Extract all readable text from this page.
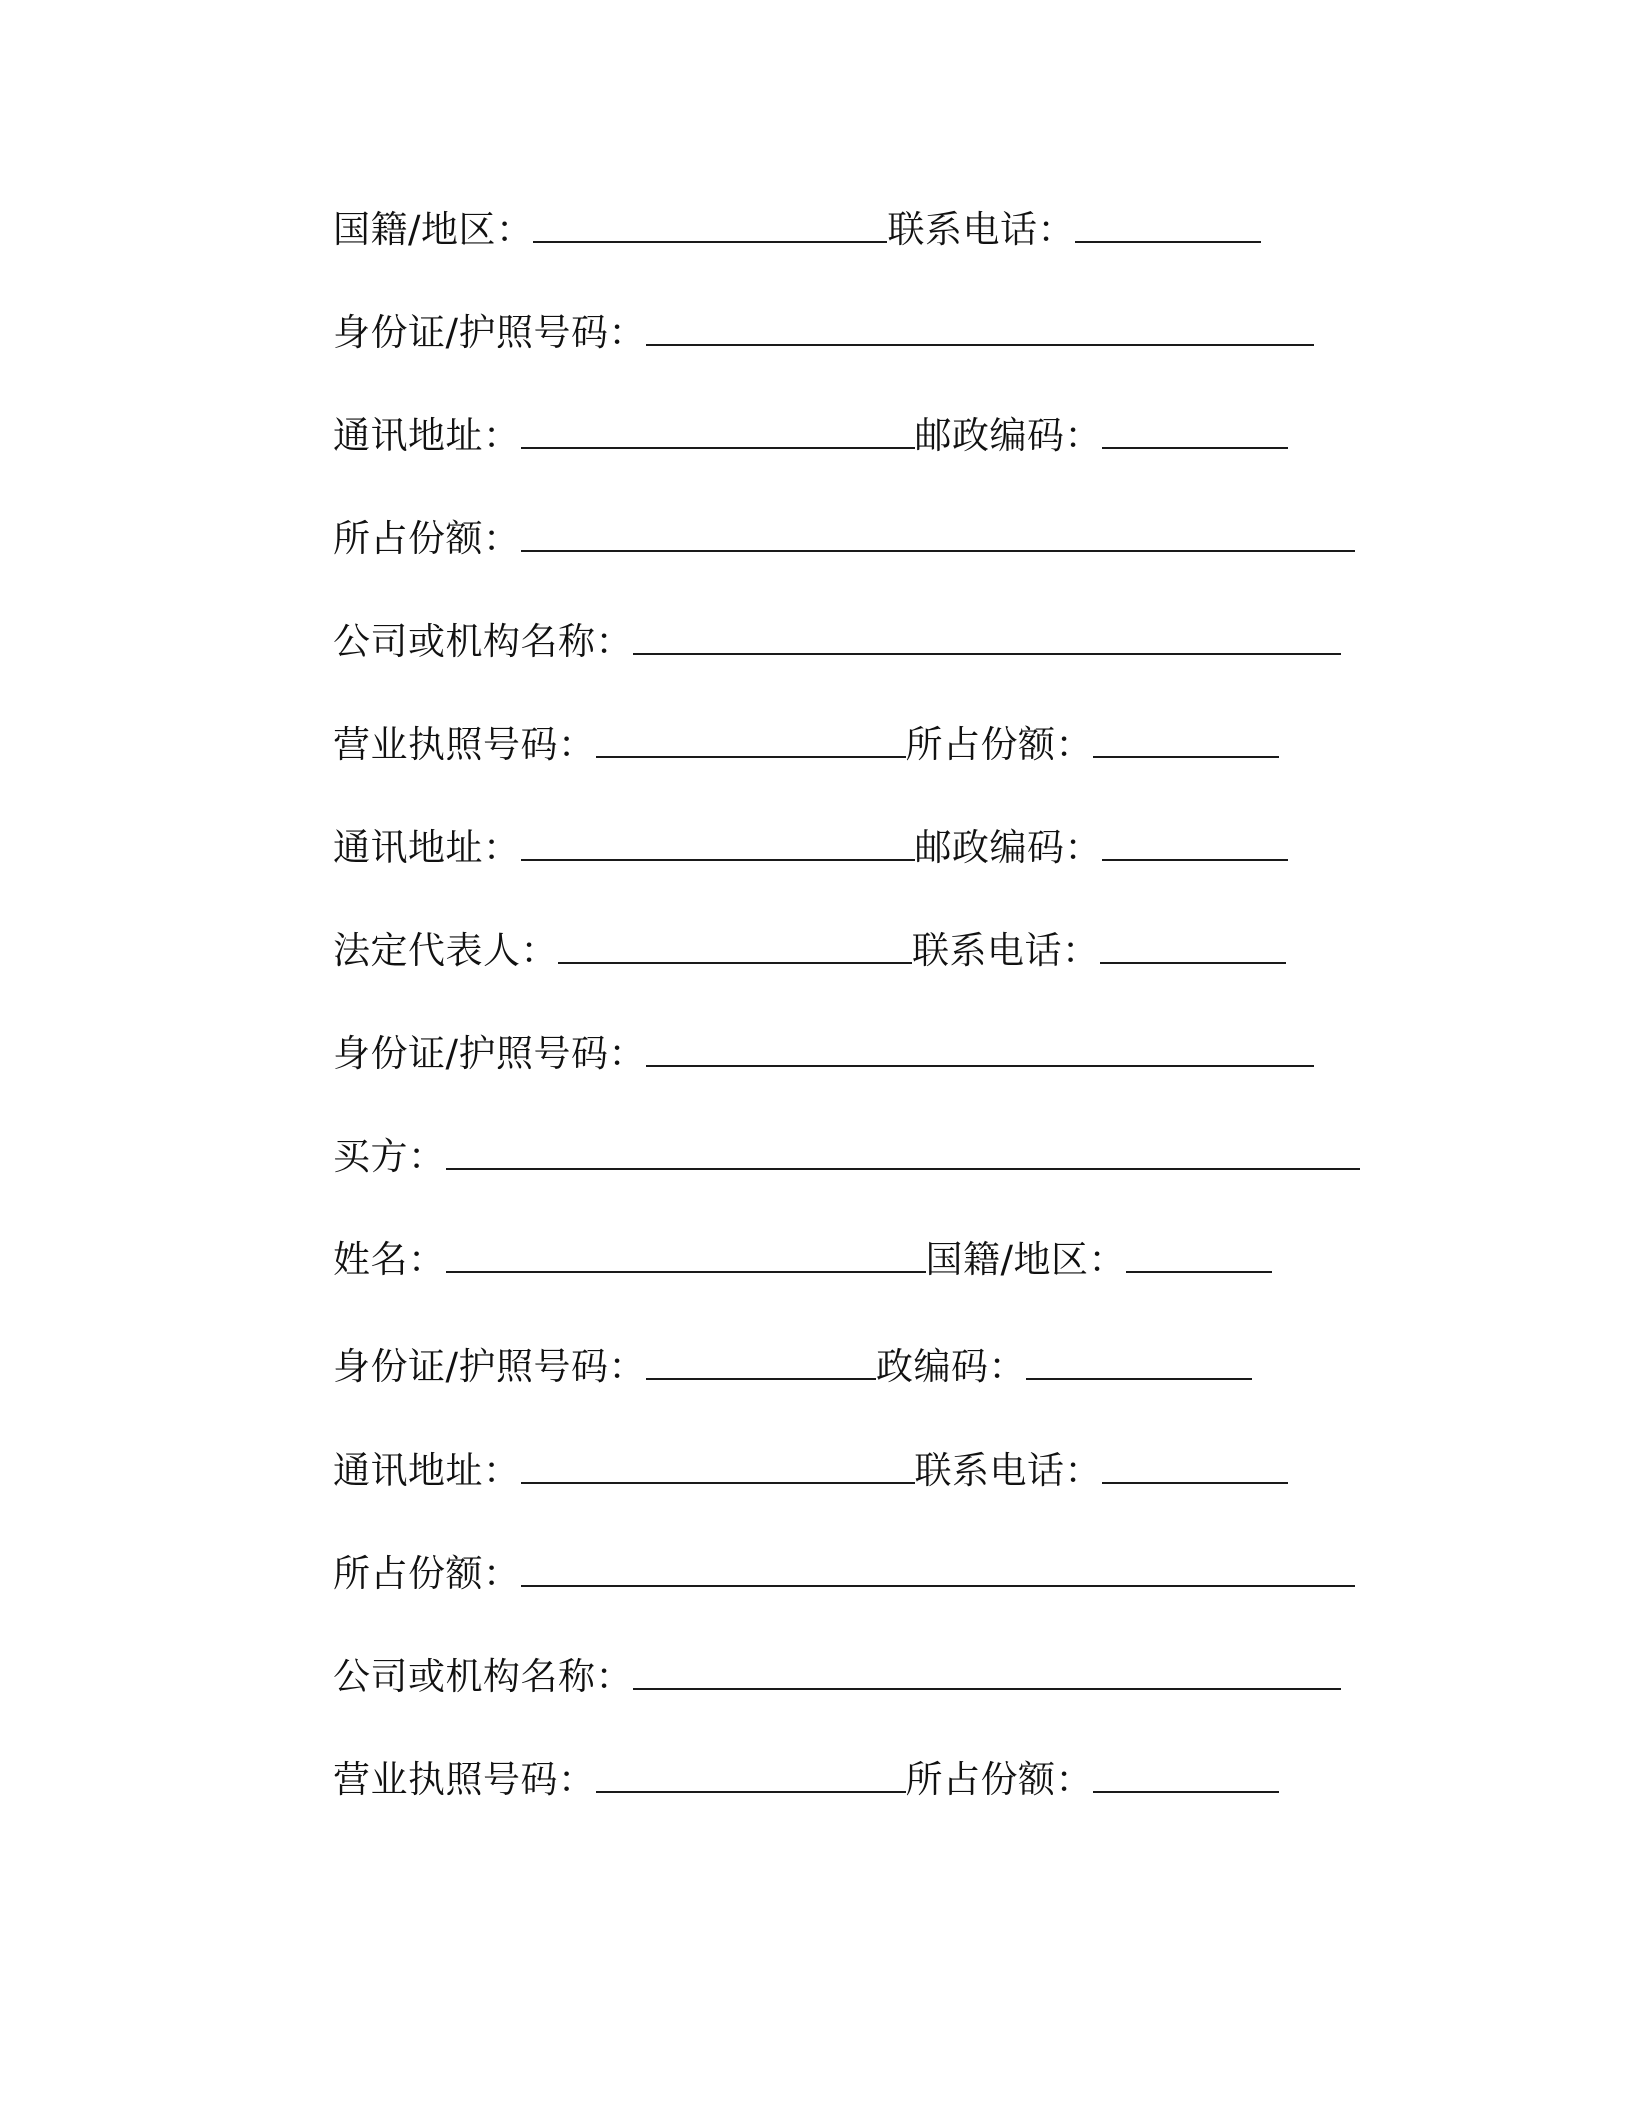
国籍/地区：	联系电话：
身份证/护照号码：
通讯地址：	邮政编码：
所占份额：
公司或机构名称：
营业执照号码：	所占份额：
通讯地址：	邮政编码：
法定代表人：	联系电话：
身份证/护照号码：
买方：
姓名：	国籍/地区：
身份证/护照号码：	政编码：
通讯地址：	联系电话：
所占份额：
公司或机构名称：
营业执照号码：	所占份额：
